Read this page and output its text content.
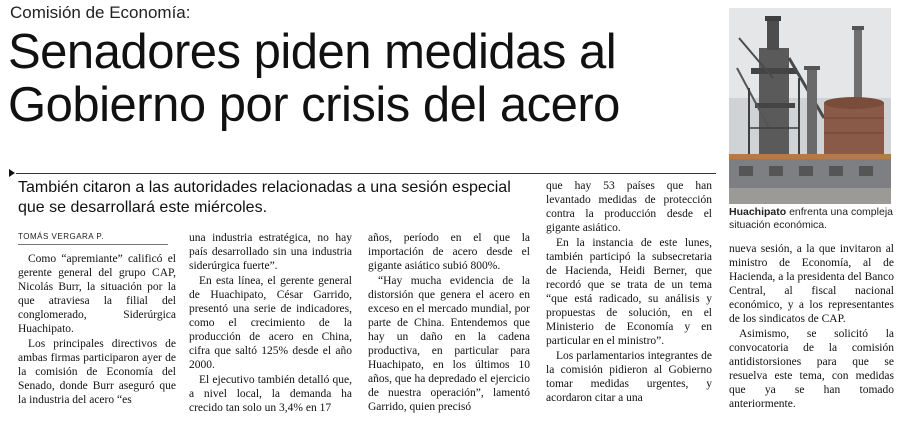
Comisión de Economía:
Senadores piden medidas al Gobierno por crisis del acero

También citaron a las autoridades relacionadas a una sesión especial que se desarrollará este miércoles.

TOMÁS VERGARA P.

Como “apremiante” calificó el gerente general del grupo CAP, Nicolás Burr, la situación por la que atraviesa la filial del conglomerado, Siderúrgica Huachipato.

Los principales directivos de ambas firmas participaron ayer de la comisión de Economía del Senado, donde Burr aseguró que la industria del acero “es

una industria estratégica, no hay país desarrollado sin una industria siderúrgica fuerte”.

En esta línea, el gerente general de Huachipato, César Garrido, presentó una serie de indicadores, como el crecimiento de la producción de acero en China, cifra que saltó 125% desde el año 2000.

El ejecutivo también detalló que, a nivel local, la demanda ha crecido tan solo un 3,4% en 17

años, período en el que la importación de acero desde el gigante asiático subió 800%.

“Hay mucha evidencia de la distorsión que genera el acero en exceso en el mercado mundial, por parte de China. Entendemos que hay un daño en la cadena productiva, en particular para Huachipato, en los últimos 10 años, que ha depredado el ejercicio de nuestra operación”, lamentó Garrido, quien precisó

que hay 53 países que han levantado medidas de protección contra la producción desde el gigante asiático.

En la instancia de este lunes, también participó la subsecretaria de Hacienda, Heidi Berner, que recordó que se trata de un tema “que está radicado, su análisis y propuestas de solución, en el Ministerio de Economía y en particular en el ministro”.

Los parlamentarios integrantes de la comisión pidieron al Gobierno tomar medidas urgentes, y acordaron citar a una

nueva sesión, a la que invitaron al ministro de Economía, al de Hacienda, a la presidenta del Banco Central, al fiscal nacional económico, y a los representantes de los sindicatos de CAP.

Asimismo, se solicitó la convocatoria de la comisión antidistorsiones para que se resuelva este tema, con medidas que ya se han tomado anteriormente.

Huachipato enfrenta una compleja situación económica.
